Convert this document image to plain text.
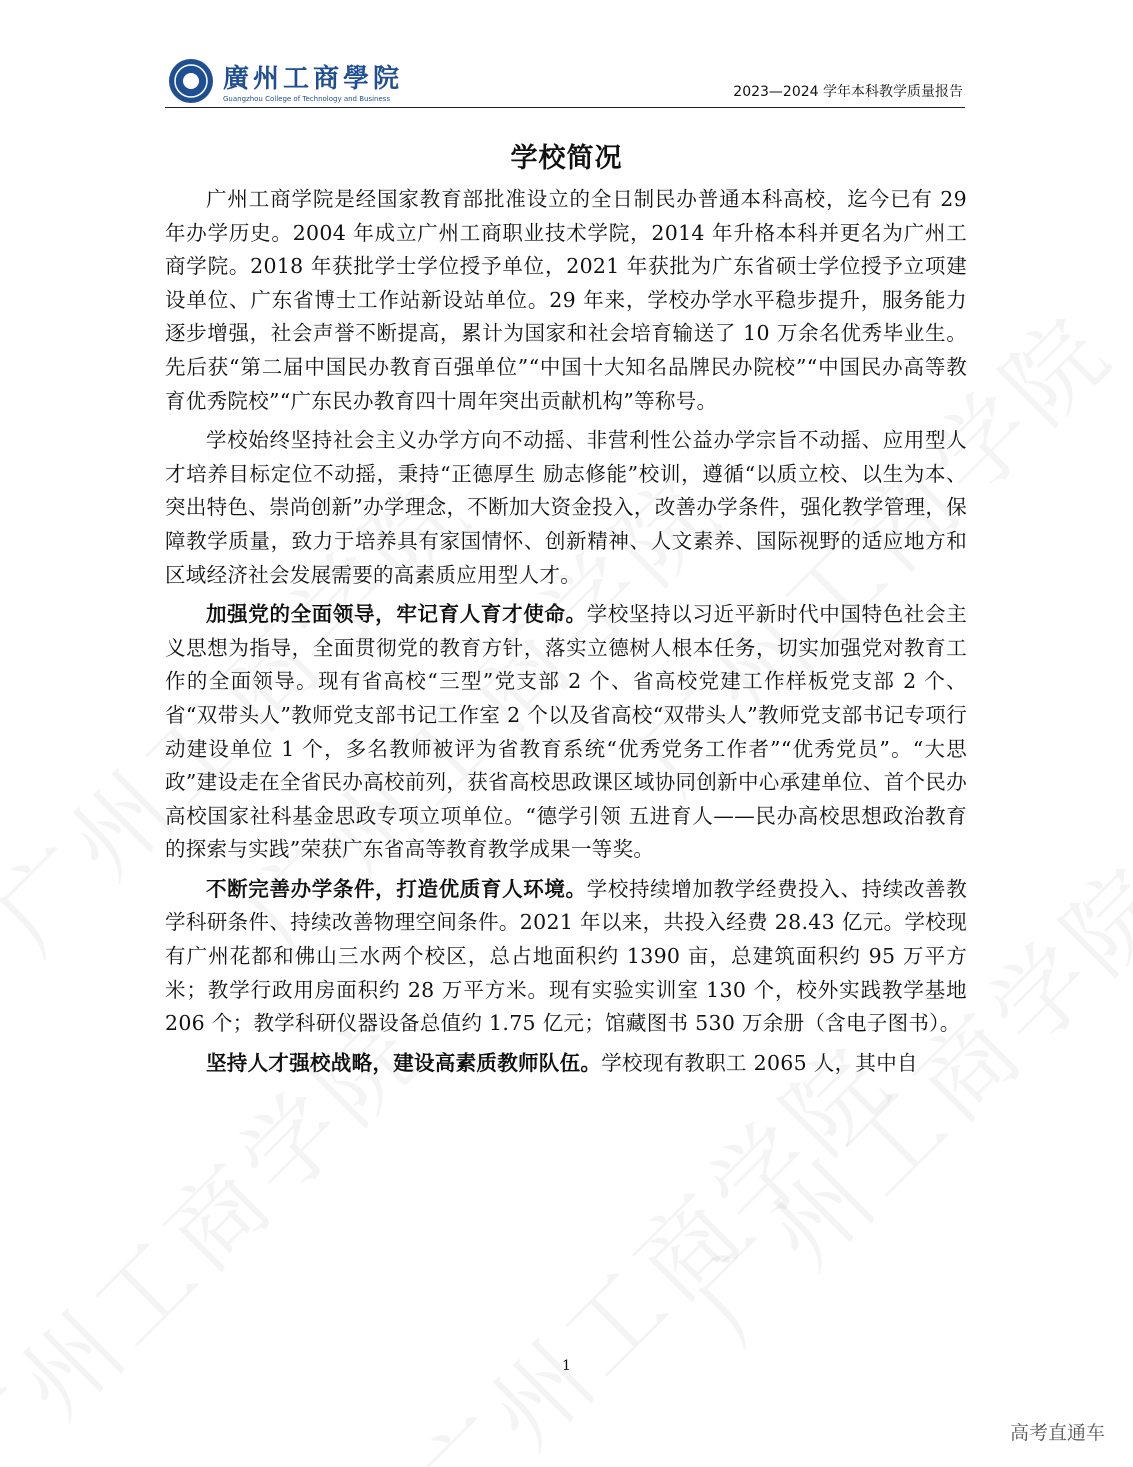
廣州工商學院
Guangzhou College of Technology and Business	2023—2024 学年本科教学质量报告
学校简况

广州工商学院是经国家教育部批准设立的全日制民办普通本科高校，迄今已有 29 年办学历史。2004 年成立广州工商职业技术学院，2014 年升格本科并更名为广州工商学院。2018 年获批学士学位授予单位，2021 年获批为广东省硕士学位授予立项建设单位、广东省博士工作站新设站单位。29 年来，学校办学水平稳步提升，服务能力逐步增强，社会声誉不断提高，累计为国家和社会培育输送了 10 万余名优秀毕业生。先后获“第二届中国民办教育百强单位”“中国十大知名品牌民办院校”“中国民办高等教育优秀院校”“广东民办教育四十周年突出贡献机构”等称号。

学校始终坚持社会主义办学方向不动摇、非营利性公益办学宗旨不动摇、应用型人才培养目标定位不动摇，秉持“正德厚生 励志修能”校训，遵循“以质立校、以生为本、突出特色、崇尚创新”办学理念，不断加大资金投入，改善办学条件，强化教学管理，保障教学质量，致力于培养具有家国情怀、创新精神、人文素养、国际视野的适应地方和区域经济社会发展需要的高素质应用型人才。

加强党的全面领导，牢记育人育才使命。学校坚持以习近平新时代中国特色社会主义思想为指导，全面贯彻党的教育方针，落实立德树人根本任务，切实加强党对教育工作的全面领导。现有省高校“三型”党支部 2 个、省高校党建工作样板党支部 2 个、省“双带头人”教师党支部书记工作室 2 个以及省高校“双带头人”教师党支部书记专项行动建设单位 1 个，多名教师被评为省教育系统“优秀党务工作者”“优秀党员”。“大思政”建设走在全省民办高校前列，获省高校思政课区域协同创新中心承建单位、首个民办高校国家社科基金思政专项立项单位。“德学引领 五进育人——民办高校思想政治教育的探索与实践”荣获广东省高等教育教学成果一等奖。

不断完善办学条件，打造优质育人环境。学校持续增加教学经费投入、持续改善教学科研条件、持续改善物理空间条件。2021 年以来，共投入经费 28.43 亿元。学校现有广州花都和佛山三水两个校区，总占地面积约 1390 亩，总建筑面积约 95 万平方米；教学行政用房面积约 28 万平方米。现有实验实训室 130 个，校外实践教学基地 206 个；教学科研仪器设备总值约 1.75 亿元；馆藏图书 530 万余册（含电子图书）。

坚持人才强校战略，建设高素质教师队伍。学校现有教职工 2065 人，其中自

1
高考直通车
